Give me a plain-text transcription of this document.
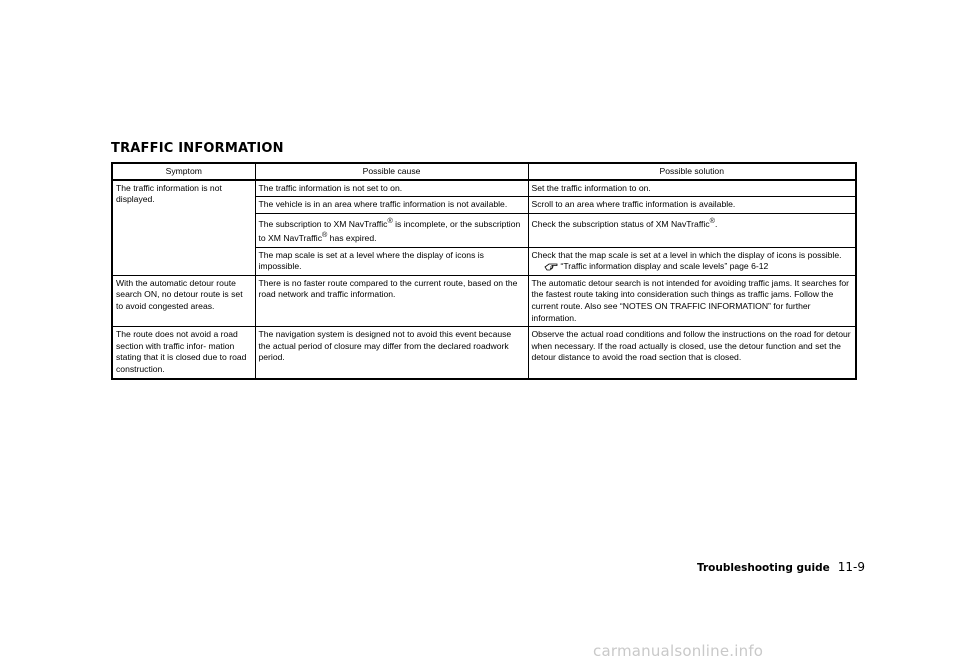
TRAFFIC INFORMATION
Symptom	Possible cause	Possible solution
The traffic information is not displayed.	The traffic information is not set to on.	Set the traffic information to on.
	The vehicle is in an area where traffic information is not available.	Scroll to an area where traffic information is available.
	The subscription to XM NavTraffic® is incomplete, or the subscription to XM NavTraffic® has expired.	Check the subscription status of XM NavTraffic®.
	The map scale is set at a level where the display of icons is impossible.	Check that the map scale is set at a level in which the display of icons is possible.
“Traffic information display and scale levels” page 6-12

With the automatic detour route search ON, no detour route is set to avoid congested areas.	There is no faster route compared to the current route, based on the road network and traffic information.	The automatic detour search is not intended for avoiding traffic jams. It searches for the fastest route taking into consideration such things as traffic jams. Follow the current route. Also see “NOTES ON TRAFFIC INFORMATION” for further information.
The route does not avoid a road section with traffic infor- mation stating that it is closed due to road construction.	The navigation system is designed not to avoid this event because the actual period of closure may differ from the declared roadwork period.	Observe the actual road conditions and follow the instructions on the road for detour when necessary. If the road actually is closed, use the detour function and set the detour distance to avoid the road section that is closed.
Troubleshooting guide 11-9
carmanualsonline.info
